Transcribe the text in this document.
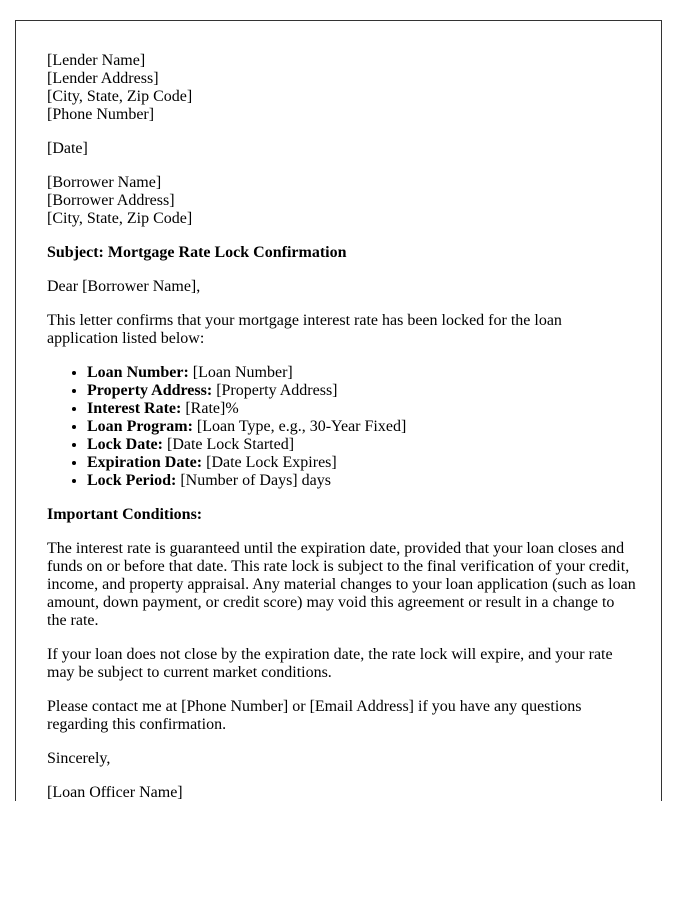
[Lender Name]
[Lender Address]
[City, State, Zip Code]
[Phone Number]

[Date]

[Borrower Name]
[Borrower Address]
[City, State, Zip Code]

Subject: Mortgage Rate Lock Confirmation

Dear [Borrower Name],

This letter confirms that your mortgage interest rate has been locked for the loan application listed below:

• Loan Number: [Loan Number]
• Property Address: [Property Address]
• Interest Rate: [Rate]%
• Loan Program: [Loan Type, e.g., 30-Year Fixed]
• Lock Date: [Date Lock Started]
• Expiration Date: [Date Lock Expires]
• Lock Period: [Number of Days] days

Important Conditions:

The interest rate is guaranteed until the expiration date, provided that your loan closes and funds on or before that date. This rate lock is subject to the final verification of your credit, income, and property appraisal. Any material changes to your loan application (such as loan amount, down payment, or credit score) may void this agreement or result in a change to the rate.

If your loan does not close by the expiration date, the rate lock will expire, and your rate may be subject to current market conditions.

Please contact me at [Phone Number] or [Email Address] if you have any questions regarding this confirmation.

Sincerely,

[Loan Officer Name]
